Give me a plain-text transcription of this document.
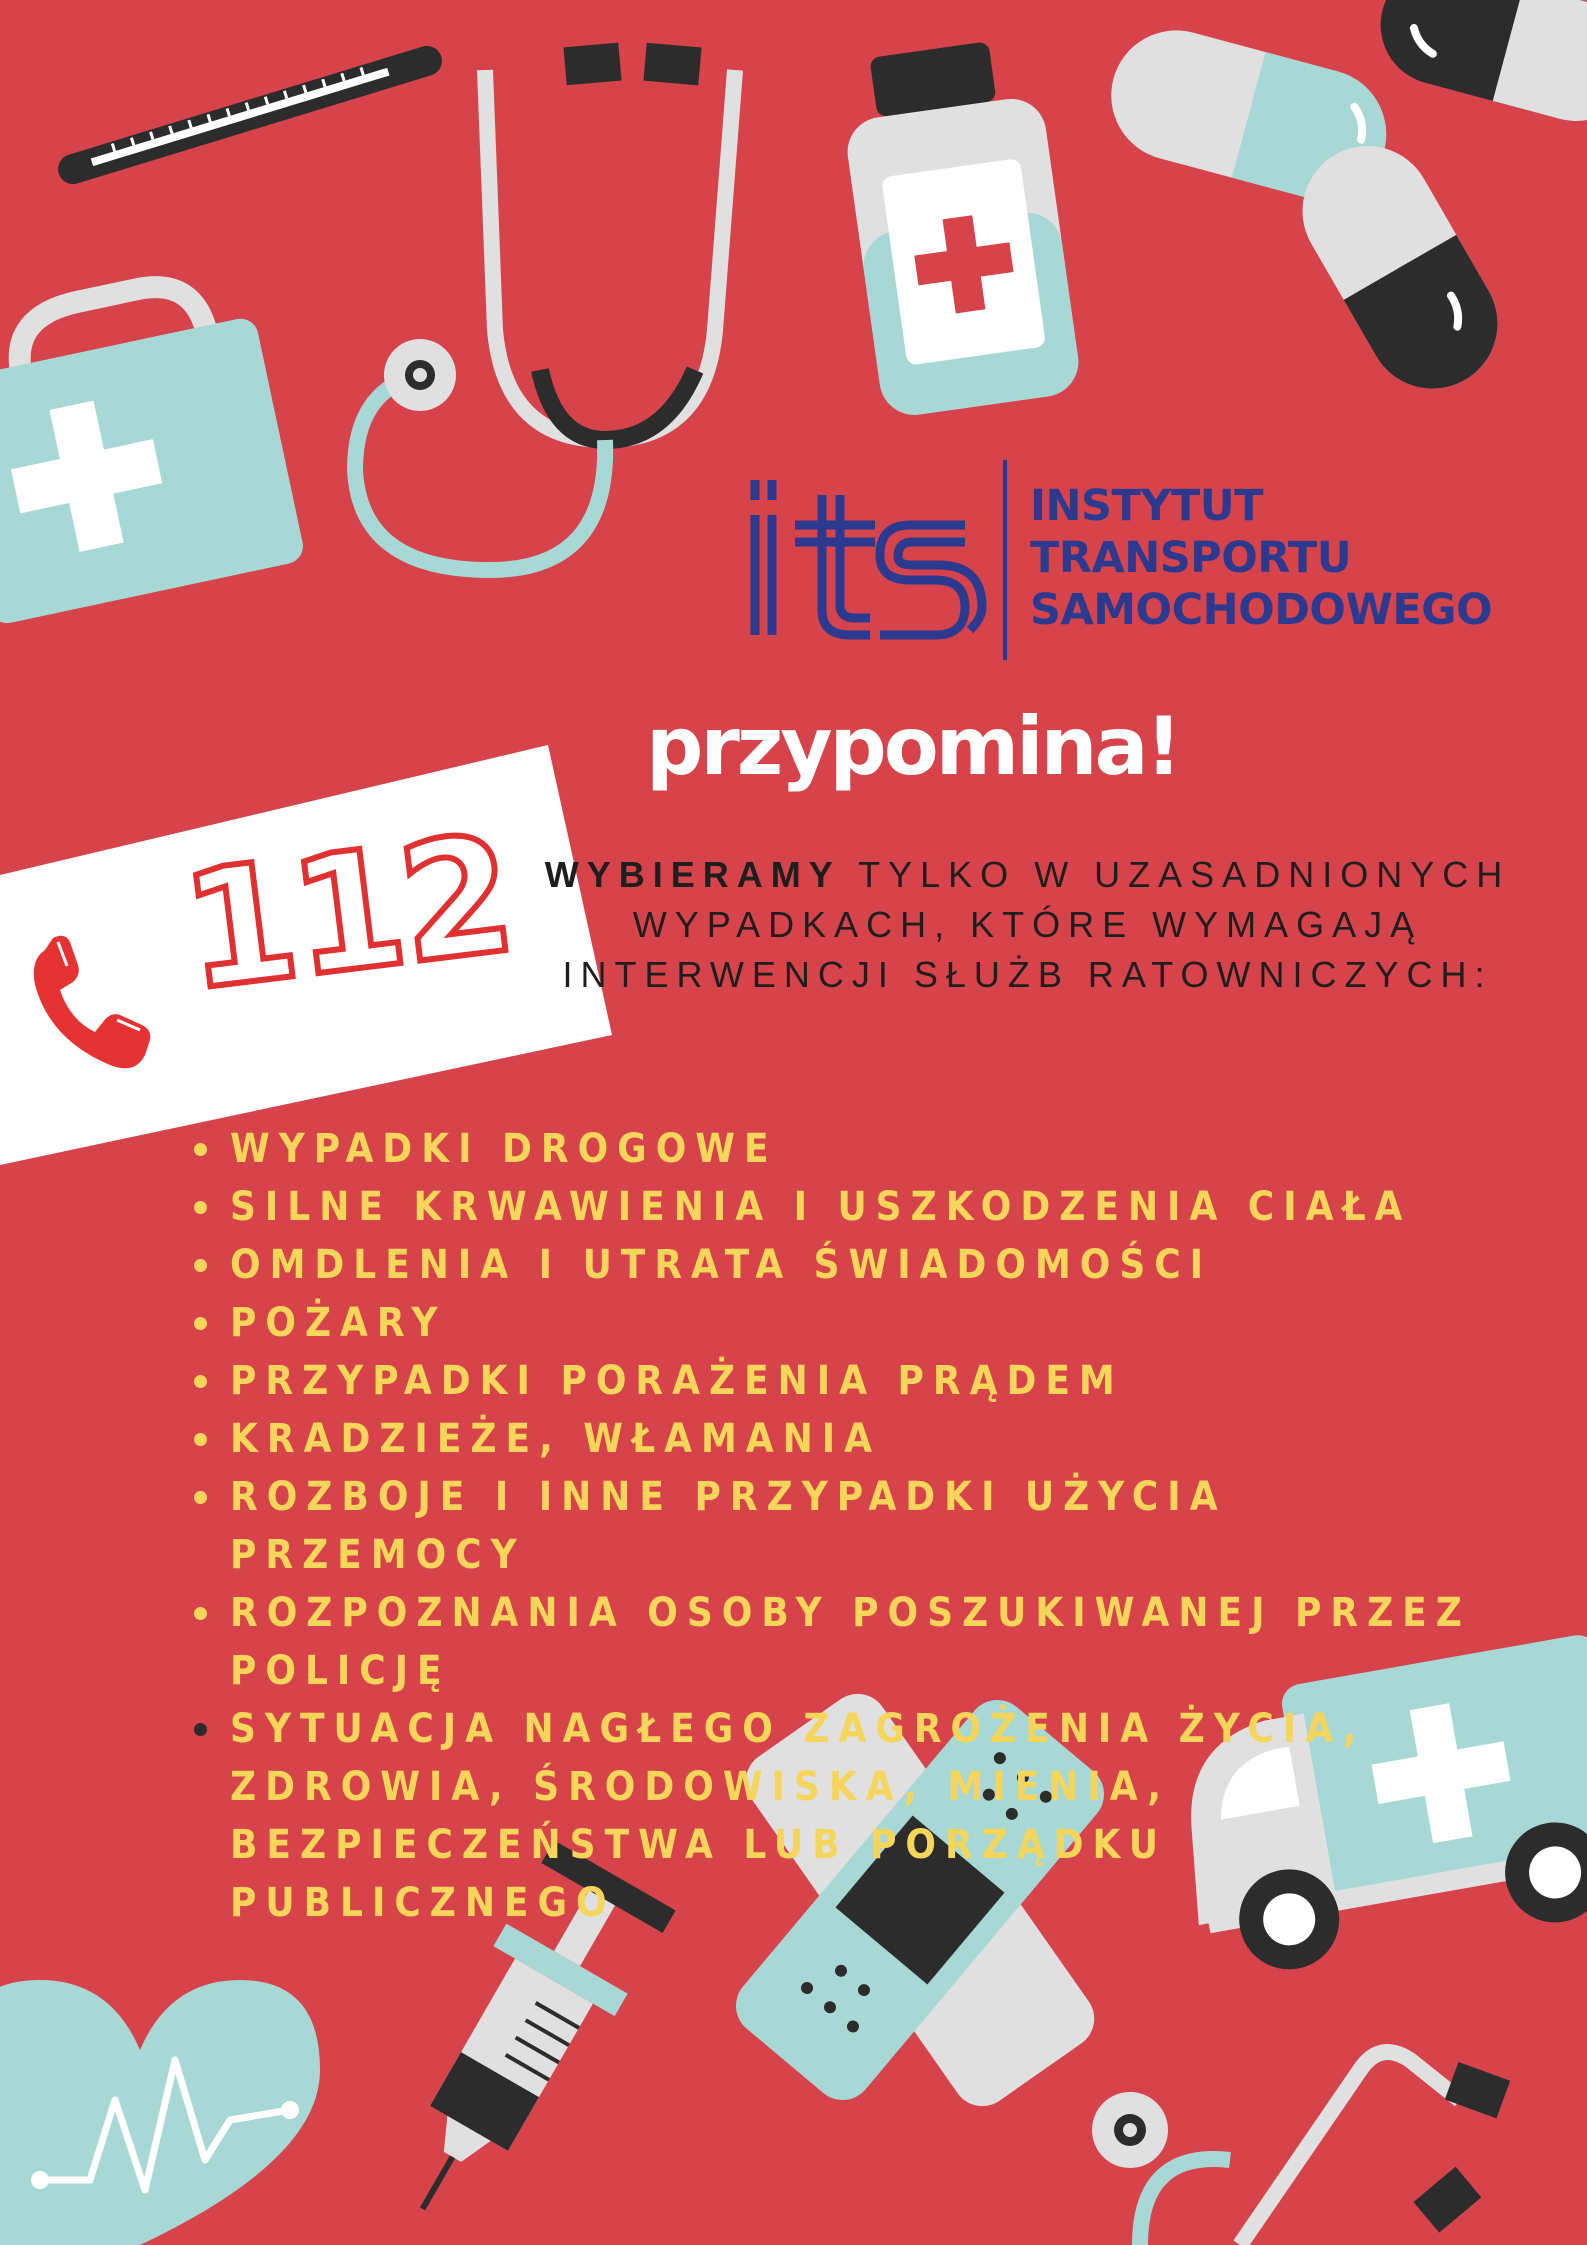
INSTYTUT
TRANSPORTU
SAMOCHODOWEGO
przypomina!
112 WYBIERAMY TYLKO W UZASADNIONYCH WYPADKACH, KTÓRE WYMAGAJĄ INTERWENCJI SŁUŻB RATOWNICZYCH:
WYPADKI DROGOWE
SILNE KRWAWIENIA I USZKODZENIA CIAŁA
OMDLENIA I UTRATA ŚWIADOMOŚCI
POŻARY
PRZYPADKI PORAŻENIA PRĄDEM
KRADZIEŻE, WŁAMANIA
ROZBOJE I INNE PRZYPADKI UŻYCIA PRZEMOCY
ROZPOZNANIA OSOBY POSZUKIWANEJ PRZEZ POLICJĘ
SYTUACJA NAGŁEGO ZAGROŻENIA ŻYCIA, ZDROWIA, ŚRODOWISKA, MIENIA, BEZPIECZEŃSTWA LUB PORZĄDKU PUBLICZNEGO
